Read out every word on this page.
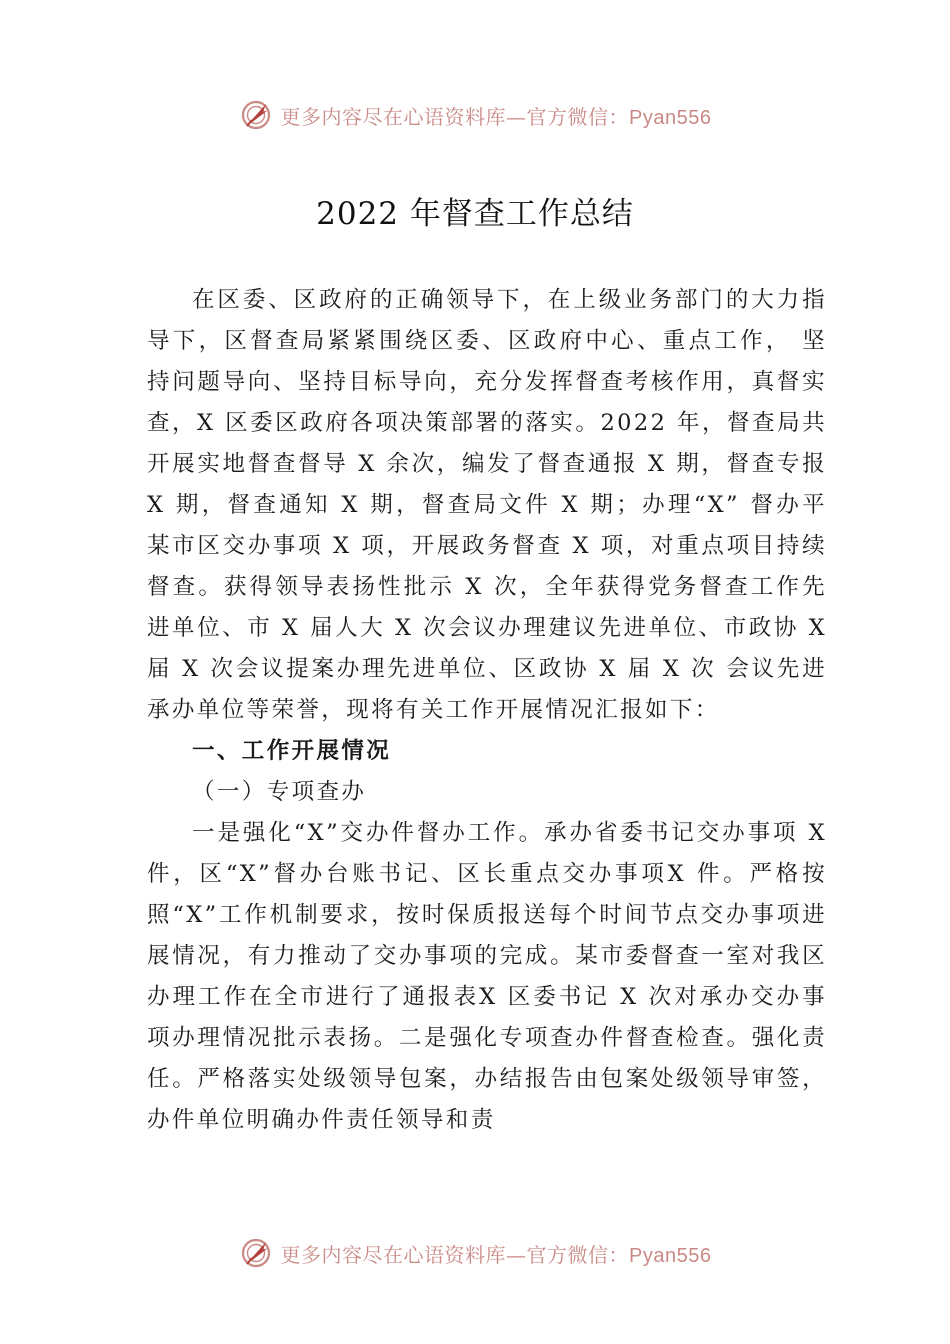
更多内容尽在心语资料库—官方微信：Pyan556
2022 年督查工作总结

在区委、区政府的正确领导下，在上级业务部门的大力指导下，区督查局紧紧围绕区委、区政府中心、重点工作， 坚持问题导向、坚持目标导向，充分发挥督查考核作用，真督实查，X 区委区政府各项决策部署的落实。2022 年，督查局共开展实地督查督导 X 余次，编发了督查通报 X 期，督查专报 X 期，督查通知 X 期，督查局文件 X 期；办理“X” 督办平某市区交办事项 X 项，开展政务督查 X 项，对重点项目持续督查。获得领导表扬性批示 X 次，全年获得党务督查工作先进单位、市 X 届人大 X 次会议办理建议先进单位、市政协 X 届 X 次会议提案办理先进单位、区政协 X 届 X 次 会议先进承办单位等荣誉，现将有关工作开展情况汇报如下：

一、工作开展情况
（一）专项查办

一是强化“X”交办件督办工作。承办省委书记交办事项 X 件，区“X”督办台账书记、区长重点交办事项X 件。严格按照“X”工作机制要求，按时保质报送每个时间节点交办事项进展情况，有力推动了交办事项的完成。某市委督查一室对我区办理工作在全市进行了通报表X 区委书记 X 次对承办交办事项办理情况批示表扬。二是强化专项查办件督查检查。强化责任。严格落实处级领导包案，办结报告由包案处级领导审签，办件单位明确办件责任领导和责

更多内容尽在心语资料库—官方微信：Pyan556
